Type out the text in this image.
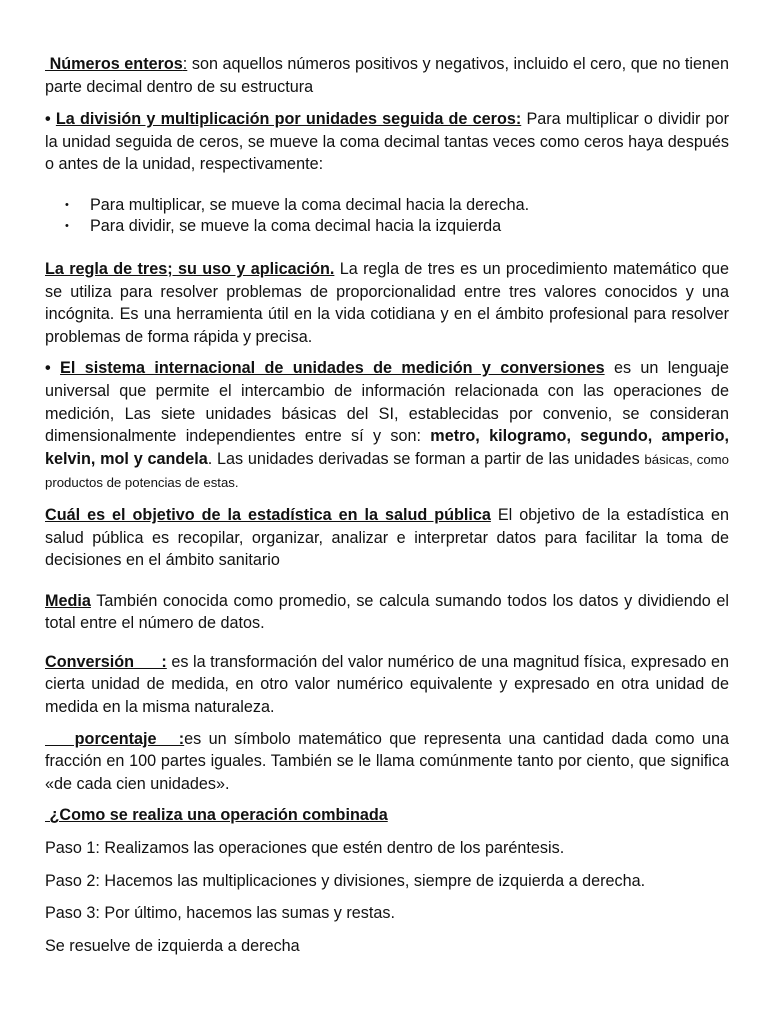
Números enteros: son aquellos números positivos y negativos, incluido el cero, que no tienen parte decimal dentro de su estructura

• La división y multiplicación por unidades seguida de ceros: Para multiplicar o dividir por la unidad seguida de ceros, se mueve la coma decimal tantas veces como ceros haya después o antes de la unidad, respectivamente:

• Para multiplicar, se mueve la coma decimal hacia la derecha.
• Para dividir, se mueve la coma decimal hacia la izquierda

La regla de tres; su uso y aplicación. La regla de tres es un procedimiento matemático que se utiliza para resolver problemas de proporcionalidad entre tres valores conocidos y una incógnita. Es una herramienta útil en la vida cotidiana y en el ámbito profesional para resolver problemas de forma rápida y precisa.

• El sistema internacional de unidades de medición y conversiones es un lenguaje universal que permite el intercambio de información relacionada con las operaciones de medición, Las siete unidades básicas del SI, establecidas por convenio, se consideran dimensionalmente independientes entre sí y son: metro, kilogramo, segundo, amperio, kelvin, mol y candela. Las unidades derivadas se forman a partir de las unidades básicas, como productos de potencias de estas.

Cuál es el objetivo de la estadística en la salud pública El objetivo de la estadística en salud pública es recopilar, organizar, analizar e interpretar datos para facilitar la toma de decisiones en el ámbito sanitario

Media También conocida como promedio, se calcula sumando todos los datos y dividiendo el total entre el número de datos.

Conversión      : es la transformación del valor numérico de una magnitud física, expresado en cierta unidad de medida, en otro valor numérico equivalente y expresado en otra unidad de medida en la misma naturaleza.

porcentaje   :es un símbolo matemático que representa una cantidad dada como una fracción en 100 partes iguales. También se le llama comúnmente tanto por ciento, que significa «de cada cien unidades».

¿Como se realiza una operación combinada

Paso 1: Realizamos las operaciones que estén dentro de los paréntesis.

Paso 2: Hacemos las multiplicaciones y divisiones, siempre de izquierda a derecha.

Paso 3: Por último, hacemos las sumas y restas.

Se resuelve de izquierda a derecha
